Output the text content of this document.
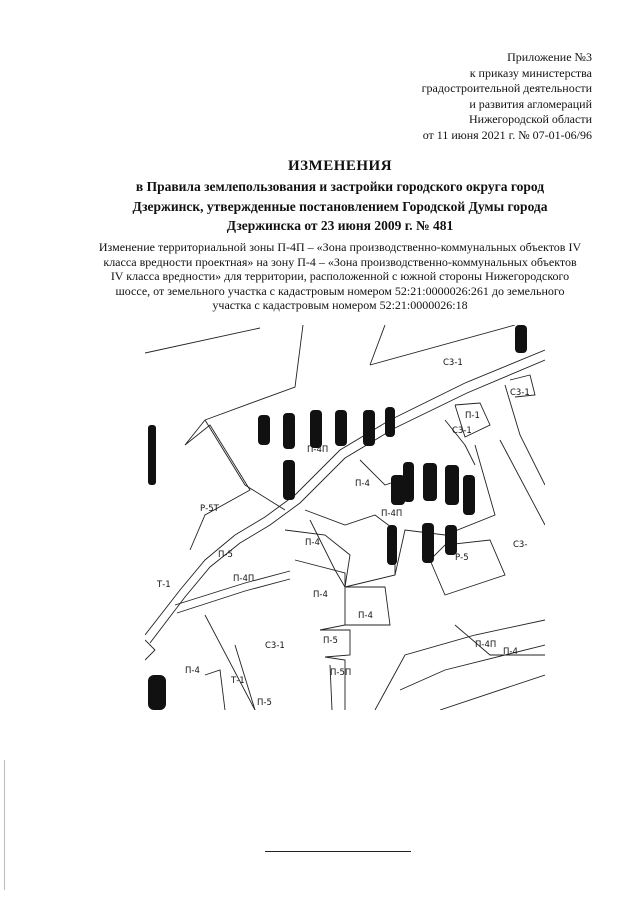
Приложение №3
к приказу министерства
градостроительной деятельности
и развития агломераций
Нижегородской области
от 11 июня 2021 г. № 07-01-06/96
ИЗМЕНЕНИЯ
в Правила землепользования и застройки городского округа город
Дзержинск, утвержденные постановлением Городской Думы города
Дзержинска от 23 июня 2009 г. № 481
Изменение территориальной зоны П-4П – «Зона производственно-коммунальных объектов IV
класса вредности проектная» на зону П-4 – «Зона производственно-коммунальных объектов
IV класса вредности» для территории, расположенной с южной стороны Нижегородского
шоссе, от земельного участка с кадастровым номером 52:21:0000026:261 до земельного
участка с кадастровым номером 52:21:0000026:18
С3-1
С3-1
П-1
С3-1
П-4П
П-4
Р-5Т	П-4П
С3-
П-5
П-4
Р-5
Т-1
П-4П
П-4
П-4
С3-1	П-5	П-4П
П-4
П-4
Т-1
П-5П
П-5
